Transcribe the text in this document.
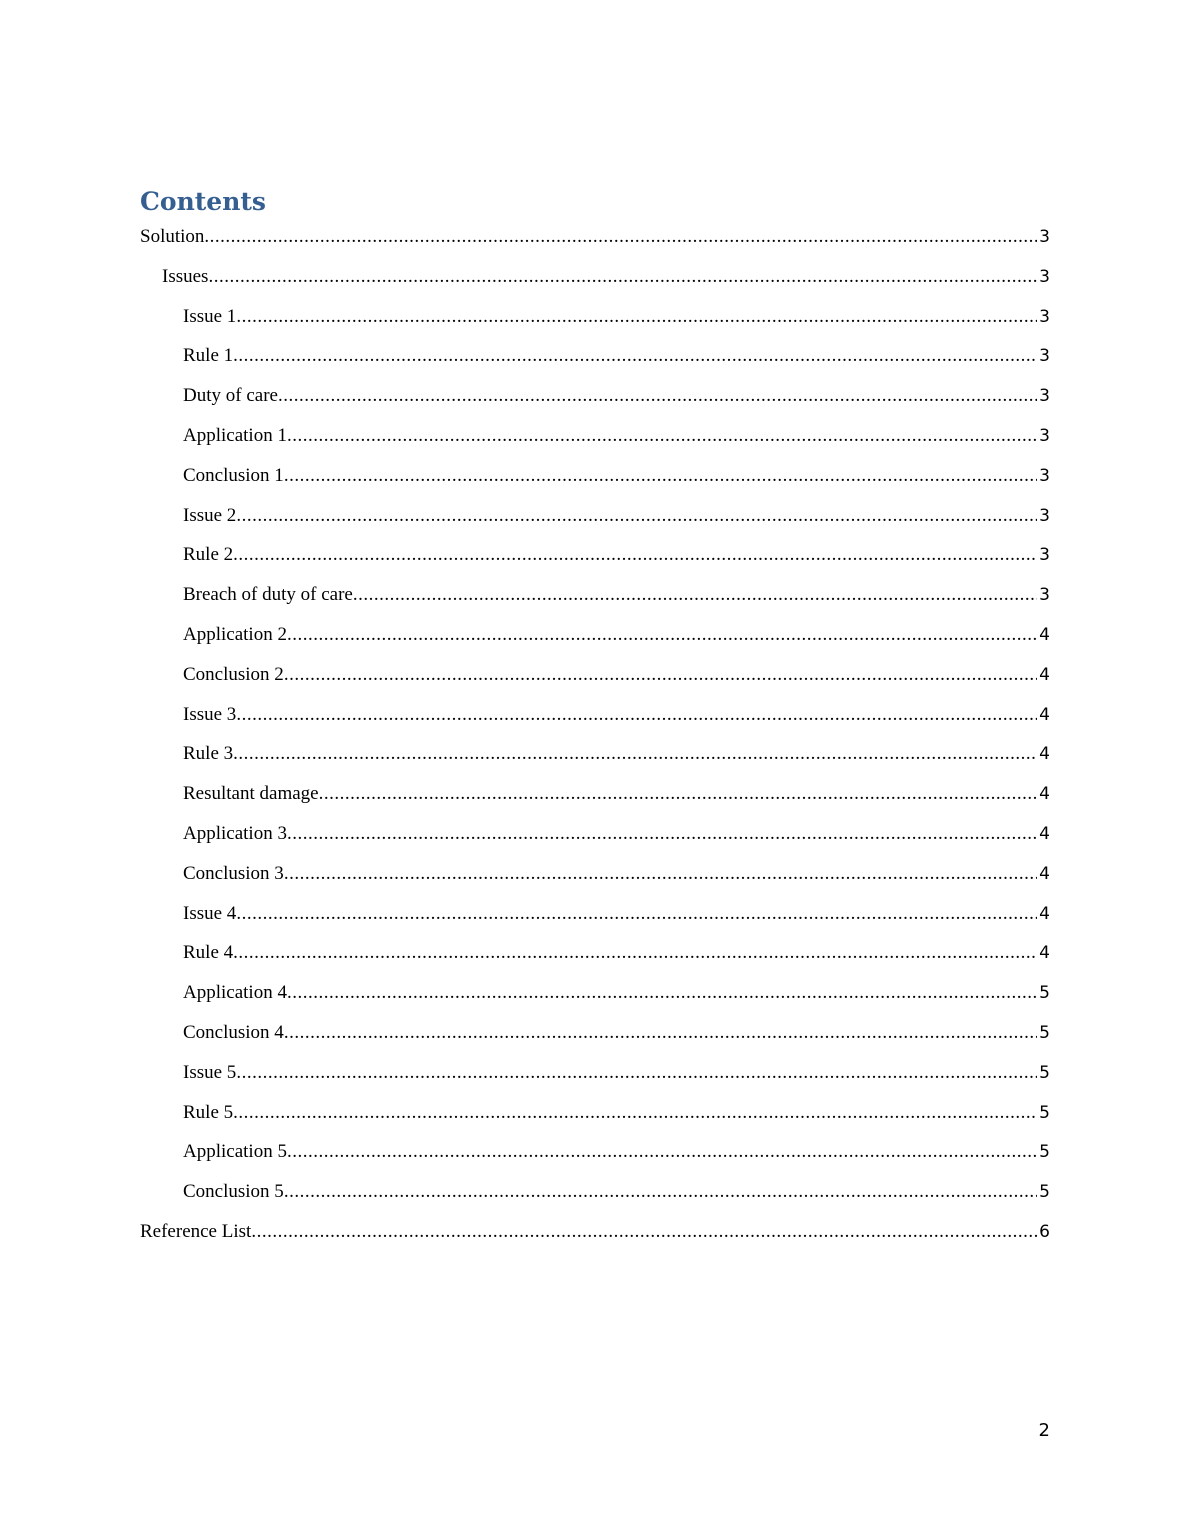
Contents
Solution .....	3
Issues .....	3
Issue 1 .....	3
Rule 1 .....	3
Duty of care .....	3
Application 1 .....	3
Conclusion 1 .....	3
Issue 2 .....	3
Rule 2 .....	3
Breach of duty of care .....	3
Application 2 .....	4
Conclusion 2 .....	4
Issue 3 .....	4
Rule 3 .....	4
Resultant damage .....	4
Application 3 .....	4
Conclusion 3 .....	4
Issue 4 .....	4
Rule 4 .....	4
Application 4 .....	5
Conclusion 4 .....	5
Issue 5 .....	5
Rule 5 .....	5
Application 5 .....	5
Conclusion 5 .....	5
Reference List .....	6
2
